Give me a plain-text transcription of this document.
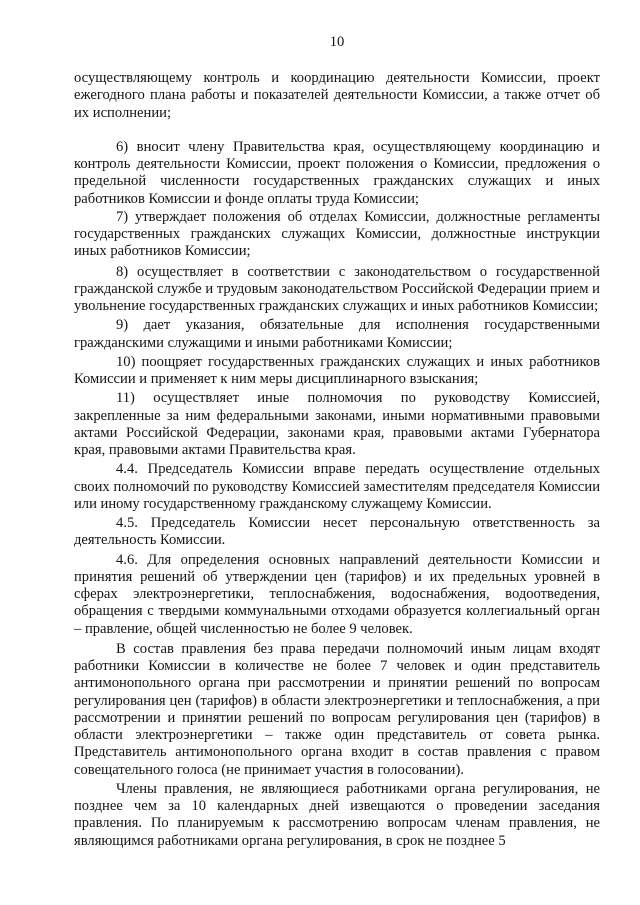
10

осуществляющему контроль и координацию деятельности Комиссии, проект ежегодного плана работы и показателей деятельности Комиссии, а также отчет об их исполнении;

6) вносит члену Правительства края, осуществляющему координацию и контроль деятельности Комиссии, проект положения о Комиссии, предложения о предельной численности государственных гражданских служащих и иных работников Комиссии и фонде оплаты труда Комиссии;

7) утверждает положения об отделах Комиссии, должностные регламенты государственных гражданских служащих Комиссии, должностные инструкции иных работников Комиссии;

8) осуществляет в соответствии с законодательством о государственной гражданской службе и трудовым законодательством Российской Федерации прием и увольнение государственных гражданских служащих и иных работников Комиссии;

9) дает указания, обязательные для исполнения государственными гражданскими служащими и иными работниками Комиссии;

10) поощряет государственных гражданских служащих и иных работников Комиссии и применяет к ним меры дисциплинарного взыскания;

11) осуществляет иные полномочия по руководству Комиссией, закрепленные за ним федеральными законами, иными нормативными правовыми актами Российской Федерации, законами края, правовыми актами Губернатора края, правовыми актами Правительства края.

4.4. Председатель Комиссии вправе передать осуществление отдельных своих полномочий по руководству Комиссией заместителям председателя Комиссии или иному государственному гражданскому служащему Комиссии.

4.5. Председатель Комиссии несет персональную ответственность за деятельность Комиссии.

4.6. Для определения основных направлений деятельности Комиссии и принятия решений об утверждении цен (тарифов) и их предельных уровней в сферах электроэнергетики, теплоснабжения, водоснабжения, водоотведения, обращения с твердыми коммунальными отходами образуется коллегиальный орган – правление, общей численностью не более 9 человек.

В состав правления без права передачи полномочий иным лицам входят работники Комиссии в количестве не более 7 человек и один представитель антимонопольного органа при рассмотрении и принятии решений по вопросам регулирования цен (тарифов) в области электроэнергетики и теплоснабжения, а при рассмотрении и принятии решений по вопросам регулирования цен (тарифов) в области электроэнергетики – также один представитель от совета рынка. Представитель антимонопольного органа входит в состав правления с правом совещательного голоса (не принимает участия в голосовании).

Члены правления, не являющиеся работниками органа регулирования, не позднее чем за 10 календарных дней извещаются о проведении заседания правления. По планируемым к рассмотрению вопросам членам правления, не являющимся работниками органа регулирования, в срок не позднее 5
